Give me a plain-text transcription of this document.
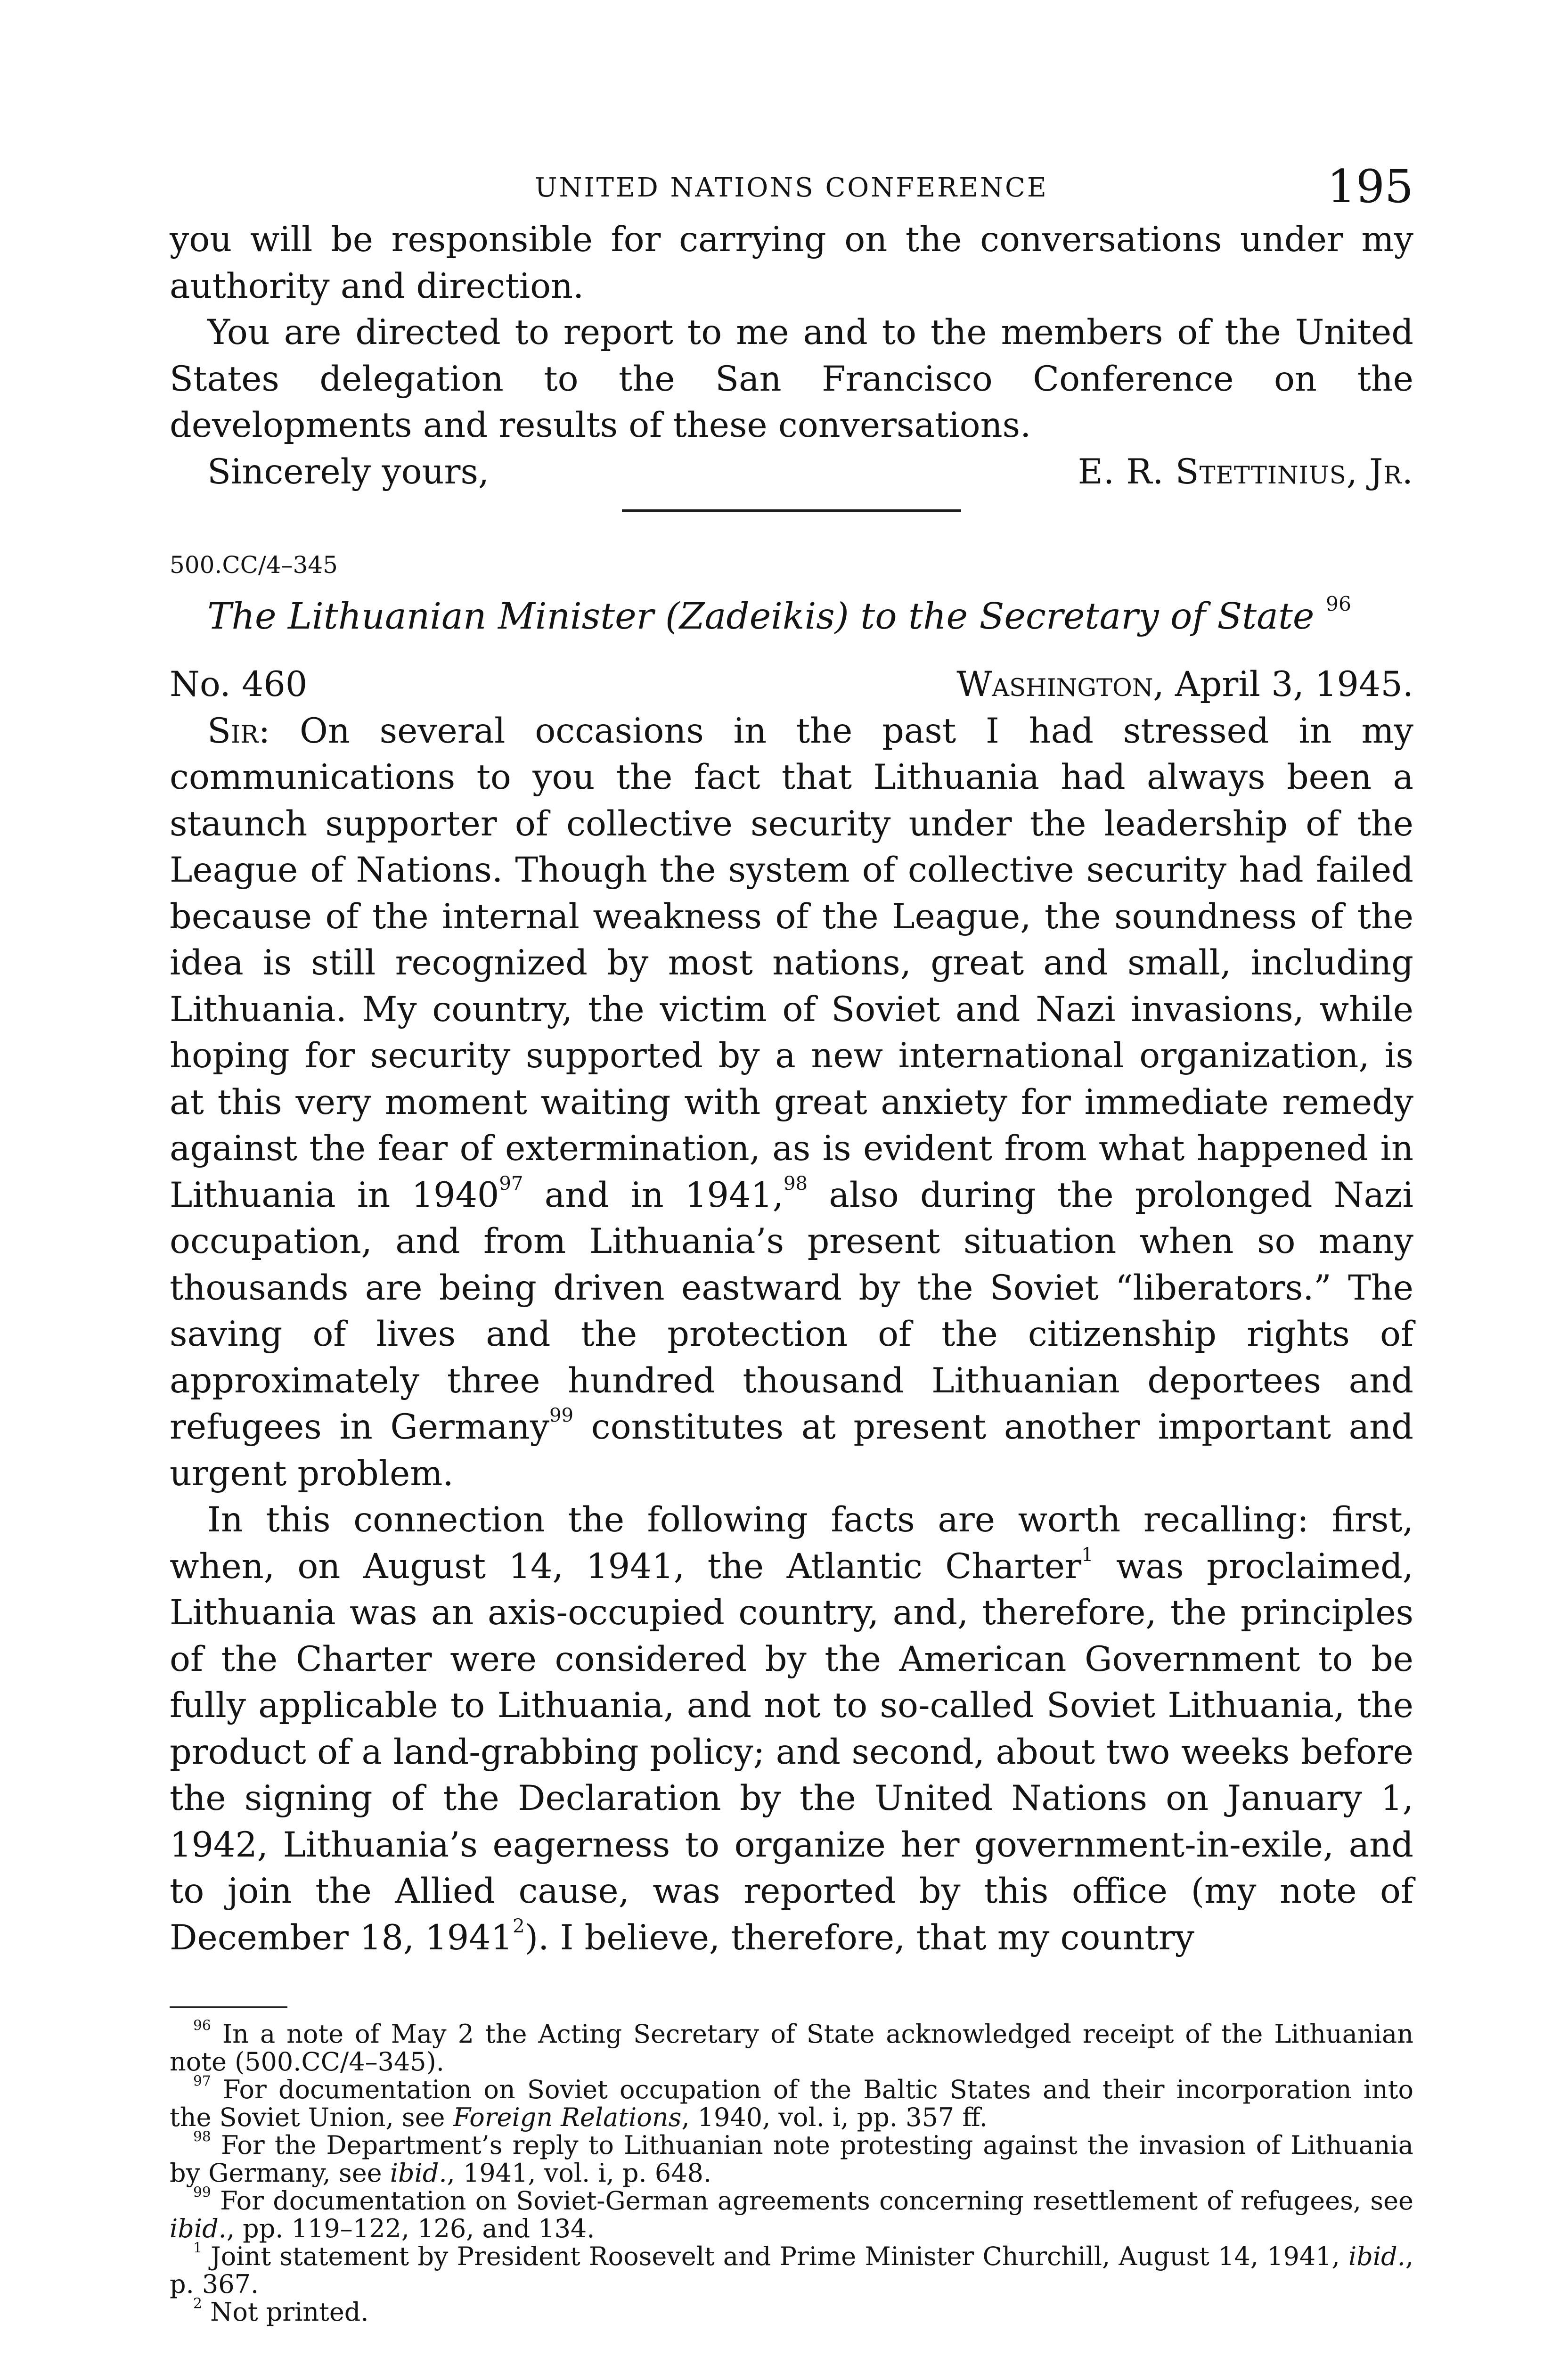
UNITED NATIONS CONFERENCE	195

you will be responsible for carrying on the conversations under my authority and direction.

You are directed to report to me and to the members of the United States delegation to the San Francisco Conference on the developments and results of these conversations.

Sincerely yours,	E. R. Stettinius, Jr.
500.CC/4–345
The Lithuanian Minister (Zadeikis) to the Secretary of State $^{96}$
No. 460	Washington, April 3, 1945.

Sir: On several occasions in the past I had stressed in my communications to you the fact that Lithuania had always been a staunch supporter of collective security under the leadership of the League of Nations. Though the system of collective security had failed because of the internal weakness of the League, the soundness of the idea is still recognized by most nations, great and small, including Lithuania. My country, the victim of Soviet and Nazi invasions, while hoping for security supported by a new international organization, is at this very moment waiting with great anxiety for immediate remedy against the fear of extermination, as is evident from what happened in Lithuania in 1940$^{97}$ and in 1941,98 also during the prolonged Nazi occupation, and from Lithuania’s present situation when so many thousands are being driven eastward by the Soviet “liberators.” The saving of lives and the protection of the citizenship rights of approximately three hundred thousand Lithuanian deportees and refugees in Germany$^{99}$ constitutes at present another important and urgent problem.

In this connection the following facts are worth recalling: first, when, on August 14, 1941, the Atlantic Charter$^1$ was proclaimed, Lithuania was an axis-occupied country, and, therefore, the principles of the Charter were considered by the American Government to be fully applicable to Lithuania, and not to so-called Soviet Lithuania, the product of a land-grabbing policy; and second, about two weeks before the signing of the Declaration by the United Nations on January 1, 1942, Lithuania’s eagerness to organize her government-in-exile, and to join the Allied cause, was reported by this office (my note of December 18, 1941$^2$). I believe, therefore, that my country

$^{96}$ In a note of May 2 the Acting Secretary of State acknowledged receipt of the Lithuanian note (500.CC/4–345).

$^{97}$ For documentation on Soviet occupation of the Baltic States and their incorporation into the Soviet Union, see Foreign Relations, 1940, vol. i, pp. 357 ff.

$^{98}$ For the Department’s reply to Lithuanian note protesting against the invasion of Lithuania by Germany, see ibid., 1941, vol. i, p. 648.

$^{99}$ For documentation on Soviet-German agreements concerning resettlement of refugees, see ibid., pp. 119–122, 126, and 134.

$^1$ Joint statement by President Roosevelt and Prime Minister Churchill, August 14, 1941, ibid., p. 367.

$^2$ Not printed.
